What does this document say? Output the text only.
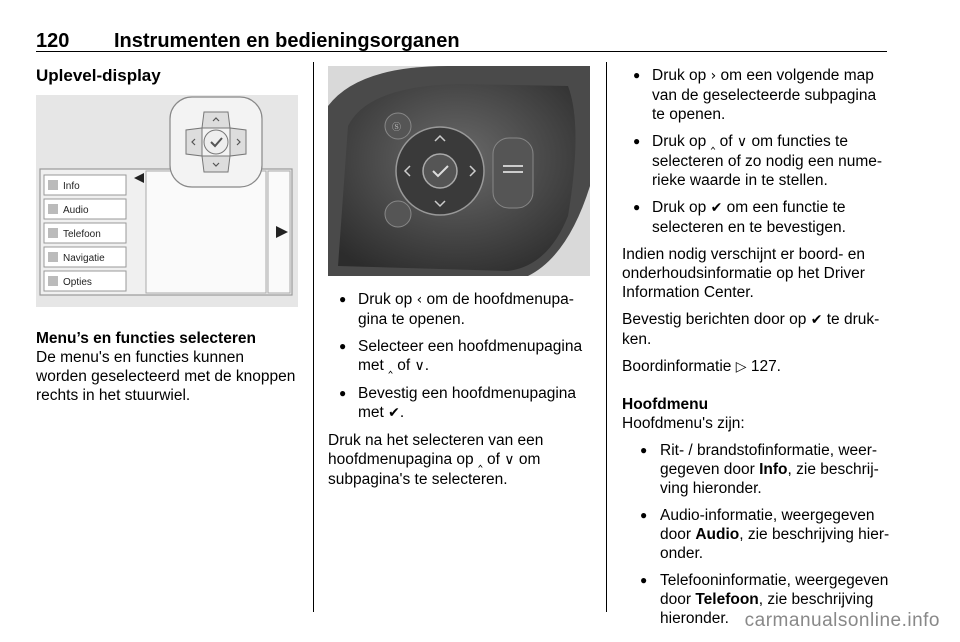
120 Instrumenten en bedieningsorganen
Uplevel-display
Info
Audio
Telefoon
Navigatie
Opties
Menu’s en functies selecteren

De menu's en functies kunnen worden geselecteerd met de knoppen rechts in het stuurwiel.

Ⓢ
● Druk op ‹ om de hoofdmenupagina te openen.
● Selecteer een hoofdmenupagina met ‸ of ∨.
● Bevestig een hoofdmenupagina met ✔.

Druk na het selecteren van een hoofdmenupagina op ‸ of ∨ om subpagina's te selecteren.

● Druk op › om een volgende map van de geselecteerde subpagina te openen.
● Druk op ‸ of ∨ om functies te selecteren of zo nodig een numerieke waarde in te stellen.
● Druk op ✔ om een functie te selecteren en te bevestigen.

Indien nodig verschijnt er boord- en onderhoudsinformatie op het Driver Information Center.

Bevestig berichten door op ✔ te drukken.

Boordinformatie ▷ 127.

Hoofdmenu

Hoofdmenu's zijn:

● Rit- / brandstofinformatie, weergegeven door Info, zie beschrijving hieronder.
● Audio-informatie, weergegeven door Audio, zie beschrijving hieronder.
● Telefooninformatie, weergegeven door Telefoon, zie beschrijving hieronder. carmanualsonline.info
